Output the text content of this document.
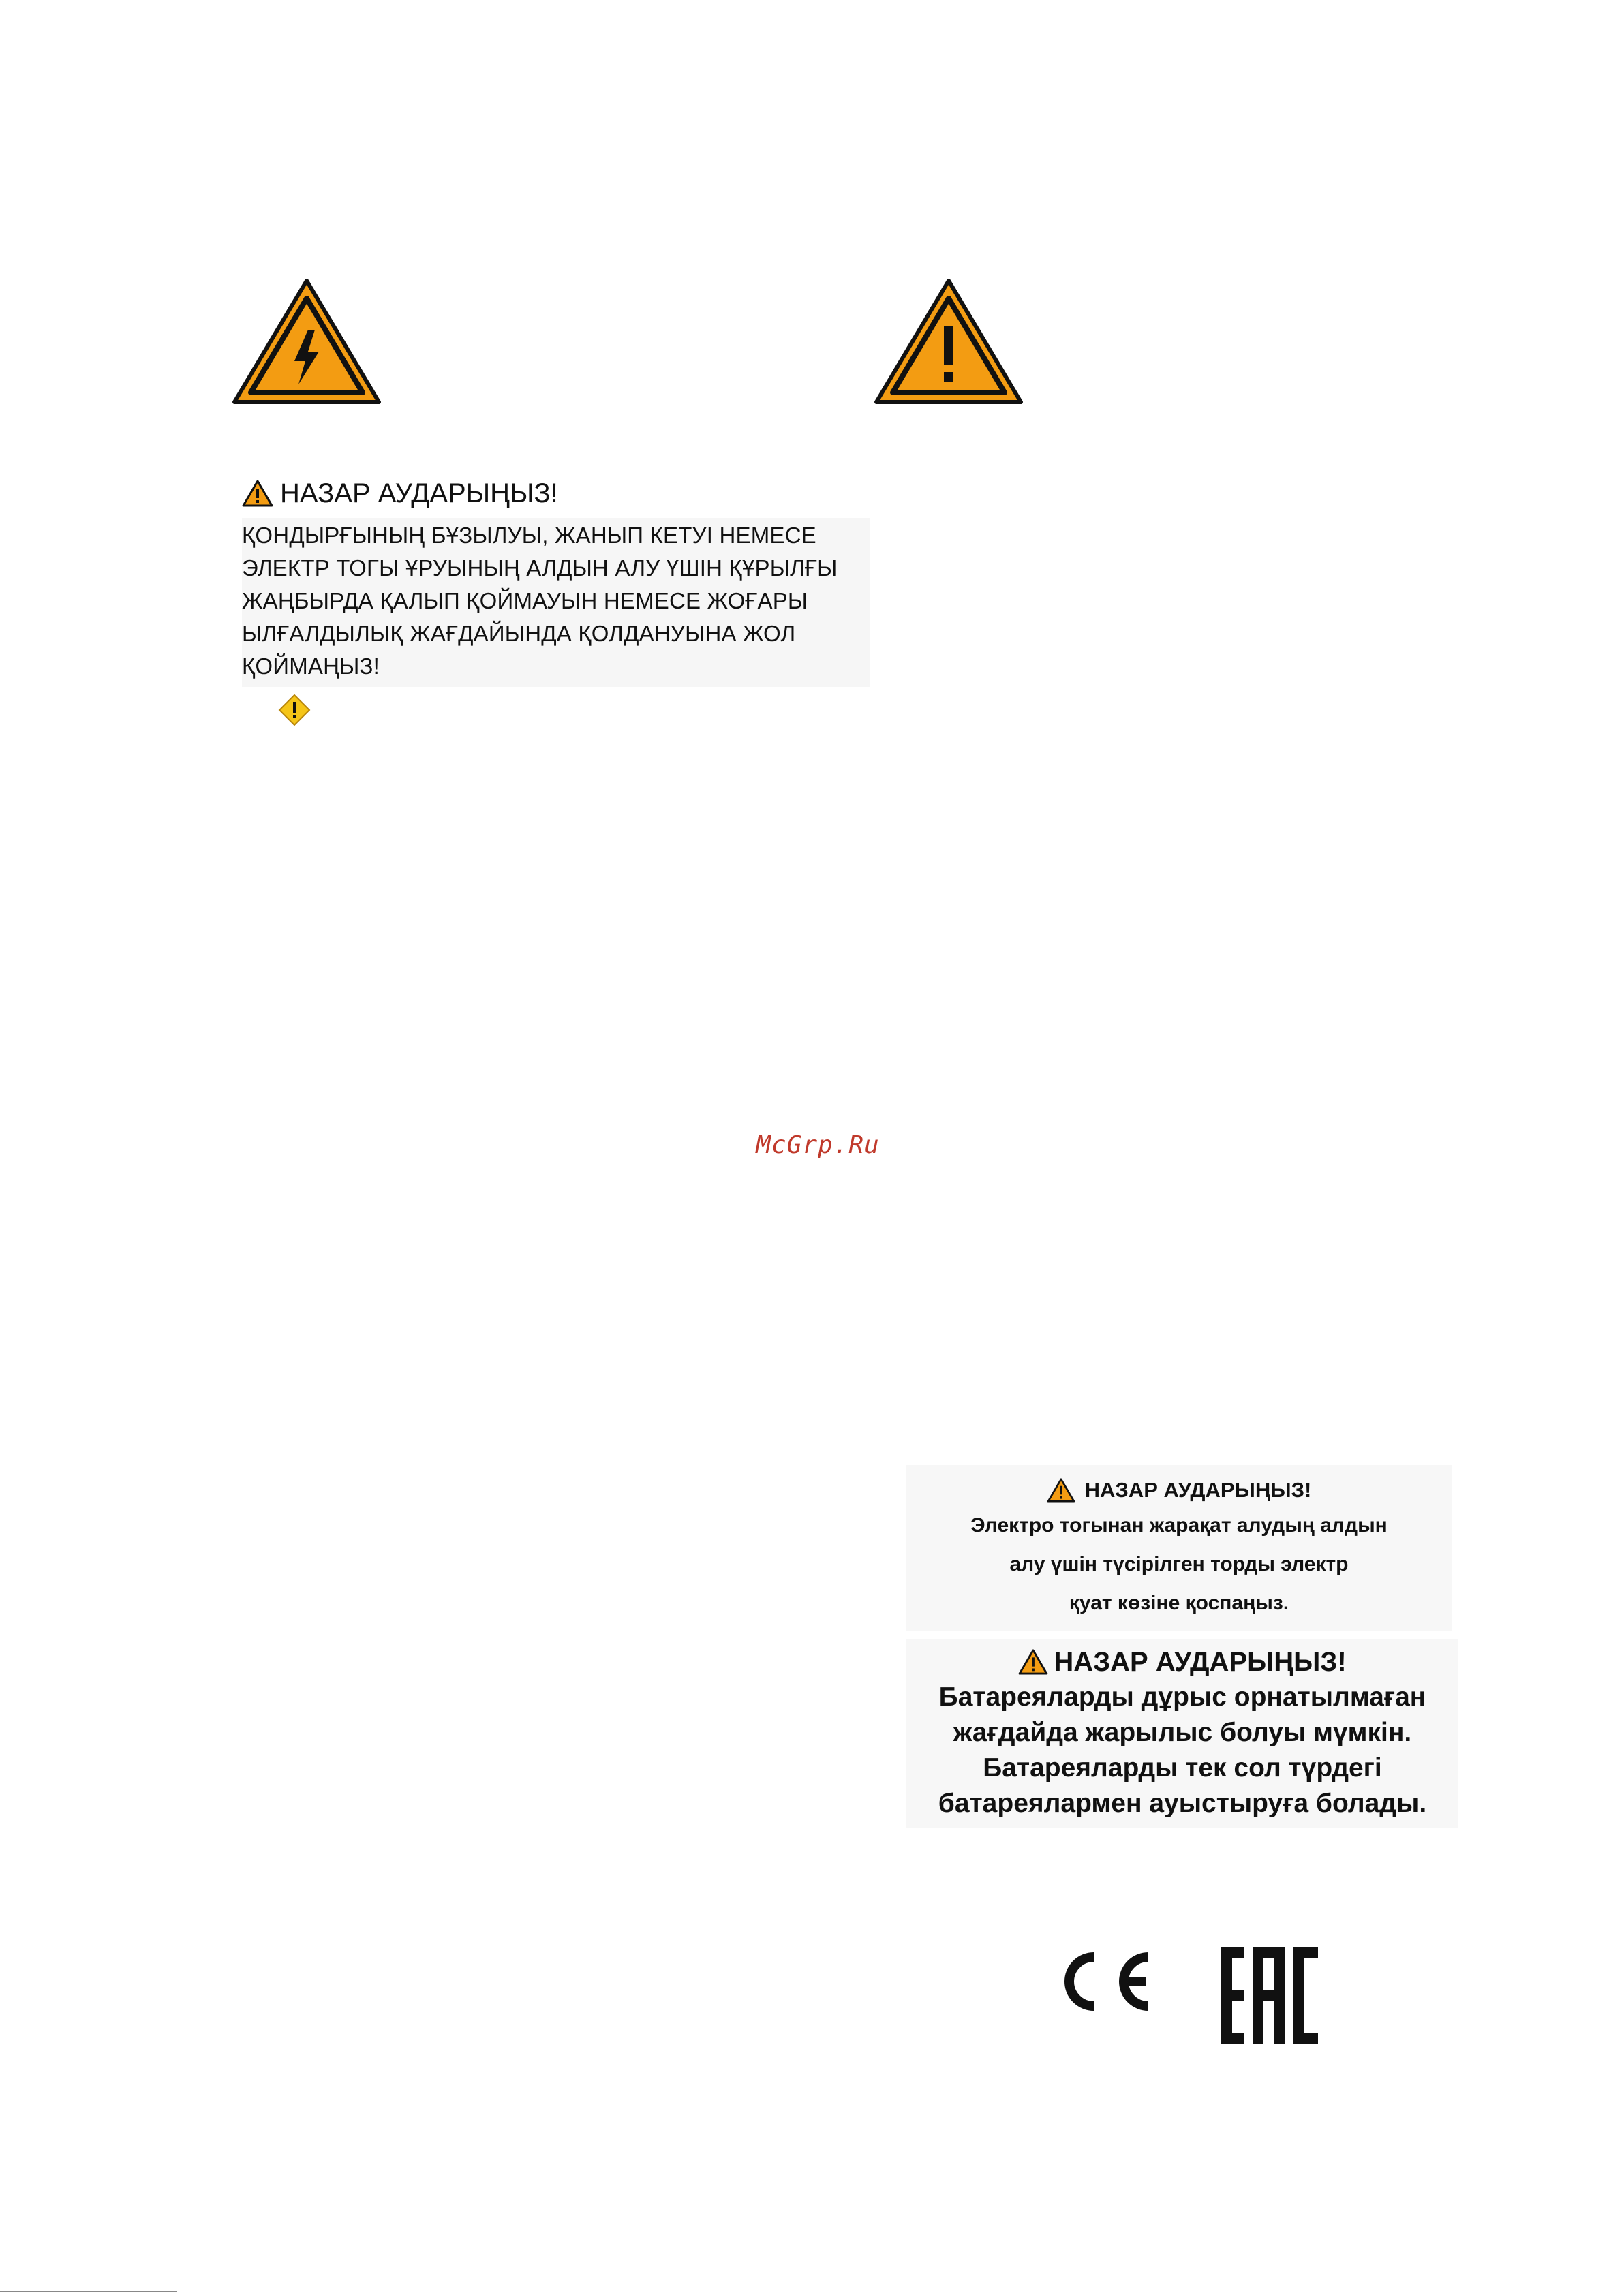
НАЗАР АУДАРЫҢЫЗ!
ҚОНДЫРҒЫНЫҢ БҰЗЫЛУЫ, ЖАНЫП КЕТУІ НЕМЕСЕ
ЭЛЕКТР ТОГЫ ҰРУЫНЫҢ АЛДЫН АЛУ ҮШІН ҚҰРЫЛҒЫ
ЖАҢБЫРДА ҚАЛЫП ҚОЙМАУЫН НЕМЕСЕ ЖОҒАРЫ
ЫЛҒАЛДЫЛЫҚ ЖАҒДАЙЫНДА ҚОЛДАНУЫНА ЖОЛ
ҚОЙМАҢЫЗ!
McGrp.Ru
НАЗАР АУДАРЫҢЫЗ!
Электро тогынан жарақат алудың алдын
алу үшін түсірілген торды электр
қуат көзіне қоспаңыз.
НАЗАР АУДАРЫҢЫЗ!
Батареяларды дұрыс орнатылмаған
жағдайда жарылыс болуы мүмкін.
Батареяларды тек сол түрдегі
батареялармен ауыстыруға болады.
